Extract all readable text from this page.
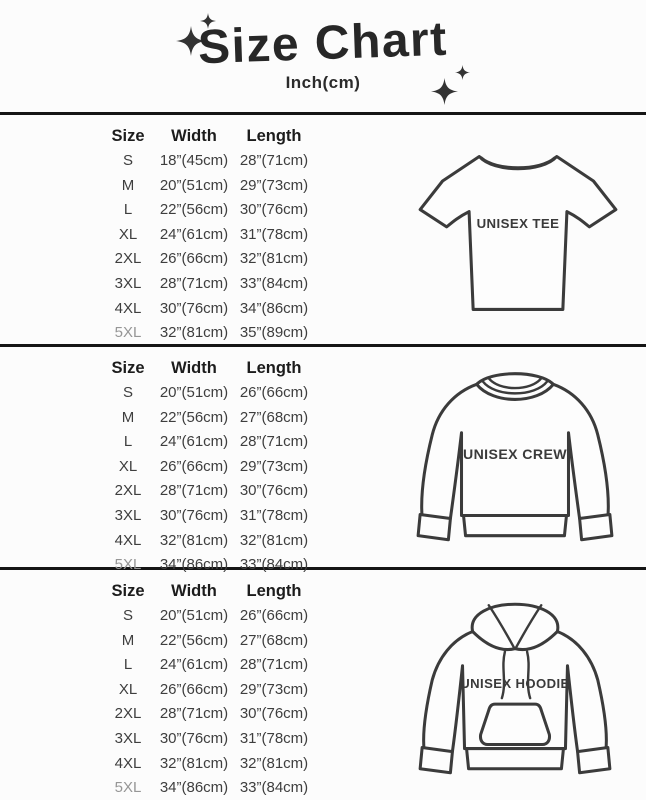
Size Chart
Inch(cm)
Size	Width	Length
S	18”(45cm) 28”(71cm)
M	20”(51cm) 29”(73cm)
L	22”(56cm) 30”(76cm)
XL	24”(61cm) 31”(78cm)
2XL	26”(66cm) 32”(81cm)
3XL	28”(71cm) 33”(84cm)
4XL	30”(76cm) 34”(86cm)
5XL	32”(81cm) 35”(89cm)
UNISEX TEE
Size	Width	Length
S	20”(51cm) 26”(66cm)
M	22”(56cm) 27”(68cm)
L	24”(61cm) 28”(71cm)
XL	26”(66cm) 29”(73cm)
2XL	28”(71cm) 30”(76cm)
3XL	30”(76cm) 31”(78cm)
4XL	32”(81cm) 32”(81cm)
5XL	34”(86cm) 33”(84cm)
UNISEX CREW
Size	Width	Length
S	20”(51cm) 26”(66cm)
M	22”(56cm) 27”(68cm)
L	24”(61cm) 28”(71cm)
XL	26”(66cm) 29”(73cm)
2XL	28”(71cm) 30”(76cm)
3XL	30”(76cm) 31”(78cm)
4XL	32”(81cm) 32”(81cm)
5XL	34”(86cm) 33”(84cm)
UNISEX HOODIE
